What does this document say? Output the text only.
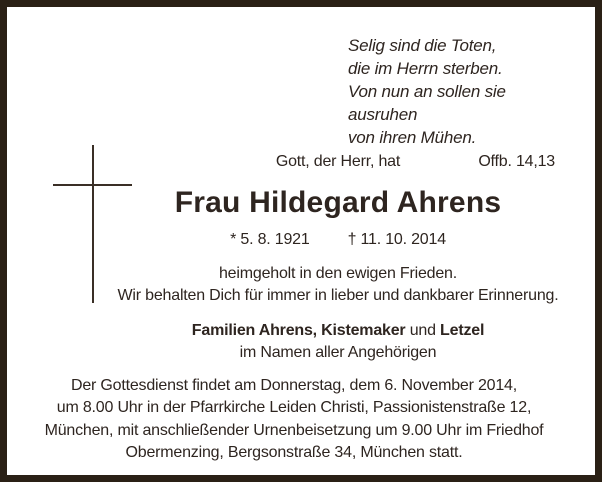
Selig sind die Toten,
die im Herrn sterben.
Von nun an sollen sie ausruhen
von ihren Mühen.
Offb. 14,13
Gott, der Herr, hat
Frau Hildegard Ahrens
* 5. 8. 1921 † 11. 10. 2014
heimgeholt in den ewigen Frieden.
Wir behalten Dich für immer in lieber und dankbarer Erinnerung.
Familien Ahrens, Kistemaker und Letzel
im Namen aller Angehörigen
Der Gottesdienst findet am Donnerstag, dem 6. November 2014,
um 8.00 Uhr in der Pfarrkirche Leiden Christi, Passionistenstraße 12,
München, mit anschließender Urnenbeisetzung um 9.00 Uhr im Friedhof
Obermenzing, Bergsonstraße 34, München statt.
